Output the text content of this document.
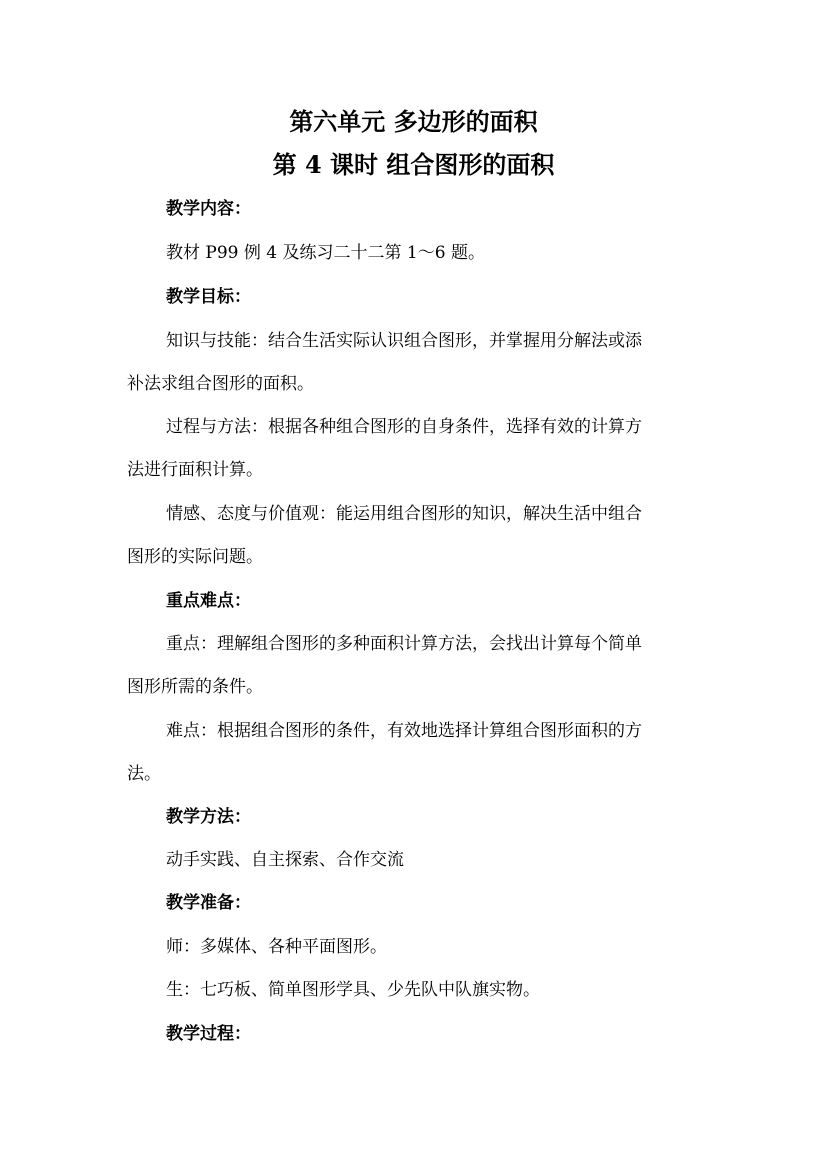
第六单元 多边形的面积
第 4 课时 组合图形的面积
教学内容：
教材 P99 例 4 及练习二十二第 1～6 题。
教学目标：
知识与技能：结合生活实际认识组合图形，并掌握用分解法或添
补法求组合图形的面积。
过程与方法：根据各种组合图形的自身条件，选择有效的计算方
法进行面积计算。
情感、态度与价值观：能运用组合图形的知识，解决生活中组合
图形的实际问题。
重点难点：
重点：理解组合图形的多种面积计算方法，会找出计算每个简单
图形所需的条件。
难点：根据组合图形的条件，有效地选择计算组合图形面积的方
法。
教学方法：
动手实践、自主探索、合作交流
教学准备：
师：多媒体、各种平面图形。
生：七巧板、简单图形学具、少先队中队旗实物。
教学过程：
